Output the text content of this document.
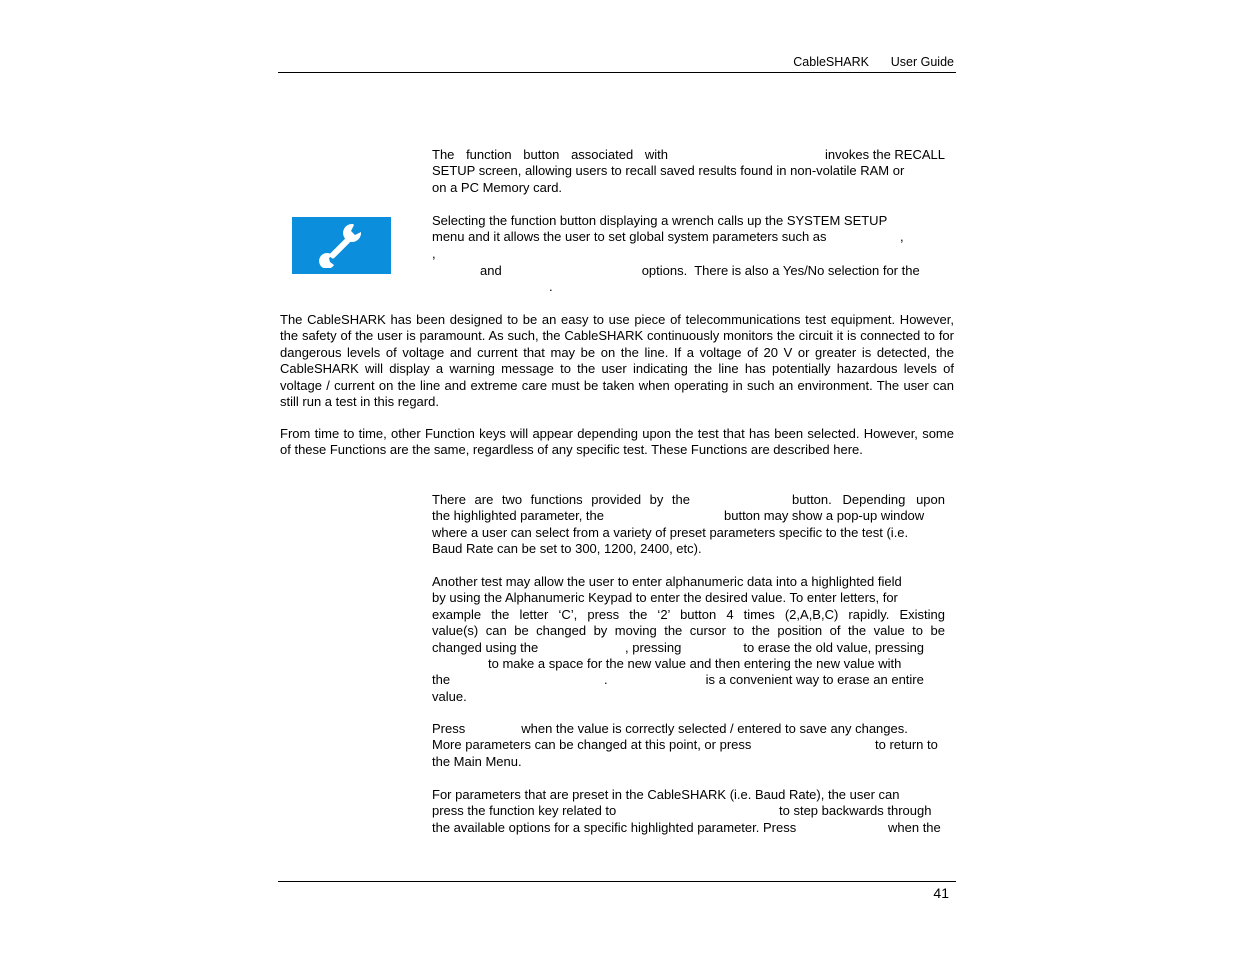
CableSHARK User Guide

The function button associated with	invokes the RECALL
SETUP screen, allowing users to recall saved results found in non-volatile RAM or
on a PC Memory card.

Selecting the function button displaying a wrench calls up the SYSTEM SETUP
menu and it allows the user to set global system parameters such as	,,

and	options.  There is also a Yes/No selection for the
.

The CableSHARK has been designed to be an easy to use piece of telecommunications test equipment. However, the safety of the user is paramount. As such, the CableSHARK continuously monitors the circuit it is connected to for dangerous levels of voltage and current that may be on the line. If a voltage of 20 V or greater is detected, the CableSHARK will display a warning message to the user indicating the line has potentially hazardous levels of voltage / current on the line and extreme care must be taken when operating in such an environment. The user can still run a test in this regard.

From time to time, other Function keys will appear depending upon the test that has been selected. However, some of these Functions are the same, regardless of any specific test. These Functions are described here.

There are two functions provided by the	button. Depending upon
the highlighted parameter, the	button may show a pop-up window
where a user can select from a variety of preset parameters specific to the test (i.e.
Baud Rate can be set to 300, 1200, 2400, etc).

Another test may allow the user to enter alphanumeric data into a highlighted field
by using the Alphanumeric Keypad to enter the desired value. To enter letters, for
example the letter ‘C’, press the ‘2’ button 4 times (2,A,B,C) rapidly. Existing
value(s) can be changed by moving the cursor to the position of the value to be
changed using the	, pressing	to erase the old value, pressing
to make a space for the new value and then entering the new value with
the	.	is a convenient way to erase an entire
value.

Press	when the value is correctly selected / entered to save any changes.
More parameters can be changed at this point, or press	to return to
the Main Menu.

For parameters that are preset in the CableSHARK (i.e. Baud Rate), the user can
press the function key related to	to step backwards through
the available options for a specific highlighted parameter. Press	when the

41
